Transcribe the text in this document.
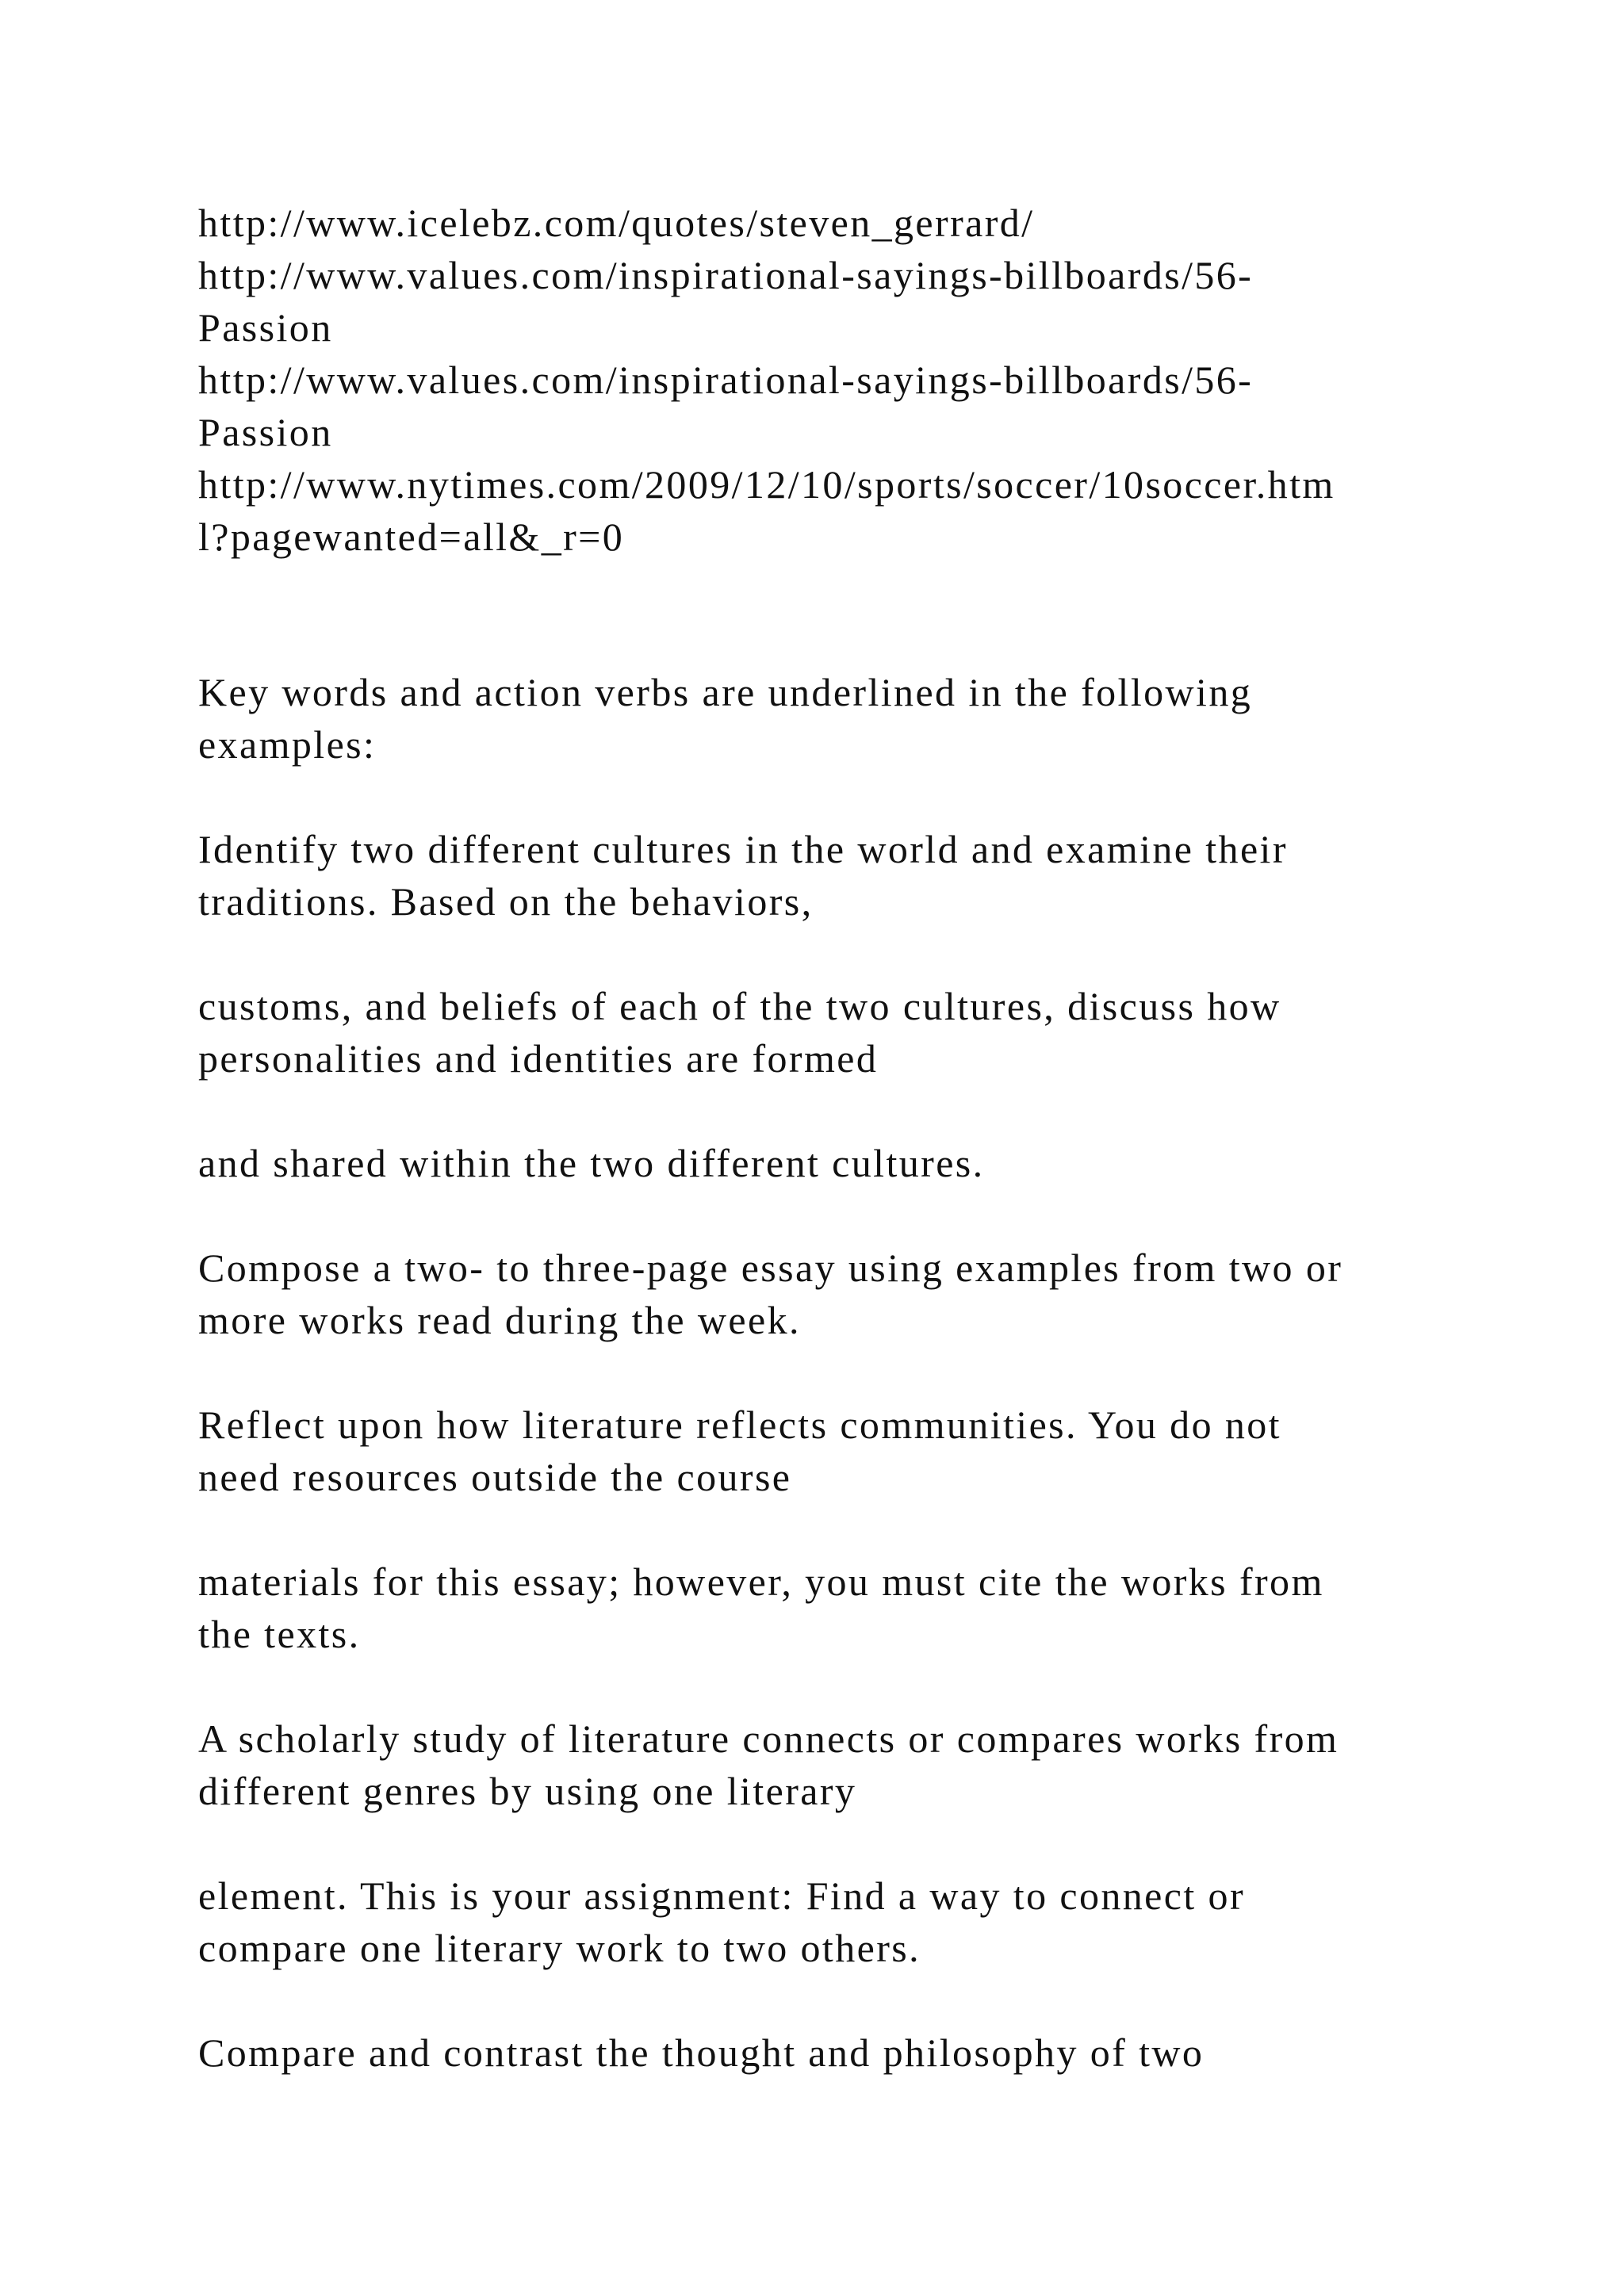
http://www.icelebz.com/quotes/steven_gerrard/
http://www.values.com/inspirational-sayings-billboards/56-
Passion
http://www.values.com/inspirational-sayings-billboards/56-
Passion
http://www.nytimes.com/2009/12/10/sports/soccer/10soccer.htm
l?pagewanted=all&_r=0
Key words and action verbs are underlined in the following
examples:
Identify two different cultures in the world and examine their
traditions. Based on the behaviors,
customs, and beliefs of each of the two cultures, discuss how
personalities and identities are formed
and shared within the two different cultures.
Compose a two- to three-page essay using examples from two or
more works read during the week.
Reflect upon how literature reflects communities. You do not
need resources outside the course
materials for this essay; however, you must cite the works from
the texts.
A scholarly study of literature connects or compares works from
different genres by using one literary
element. This is your assignment: Find a way to connect or
compare one literary work to two others.
Compare and contrast the thought and philosophy of two
